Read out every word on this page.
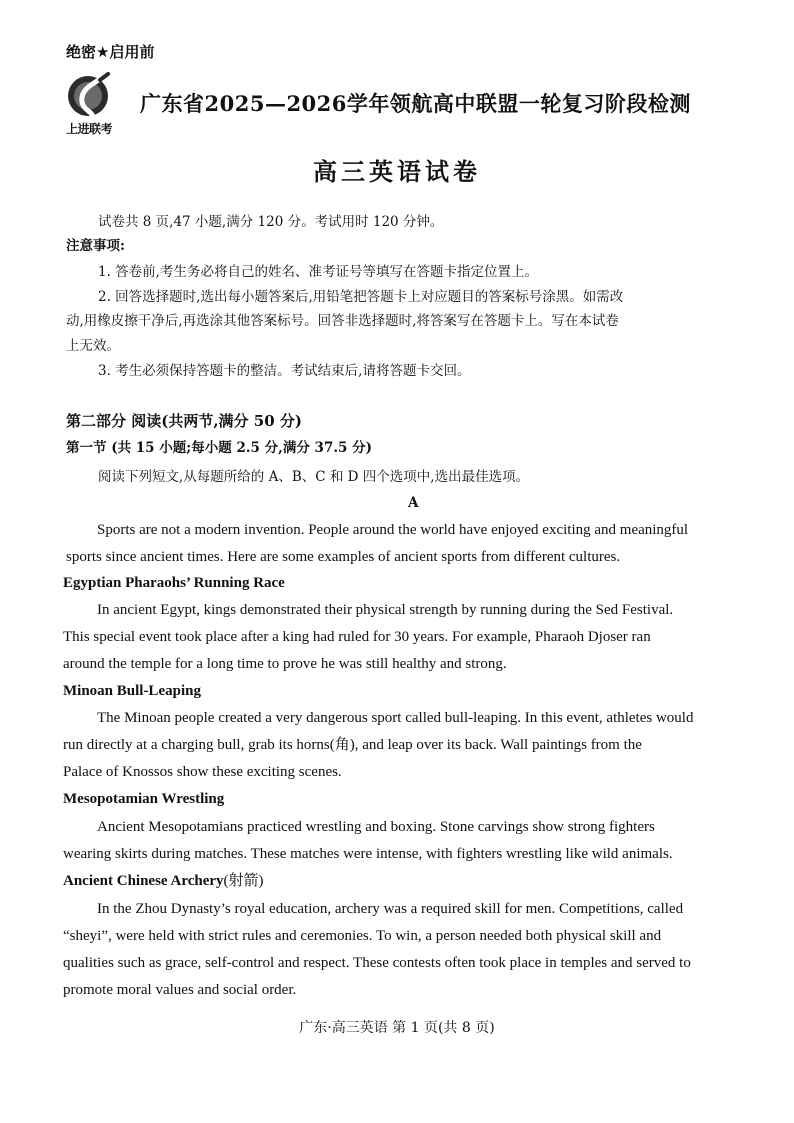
绝密★启用前
上进联考
广东省2025—2026学年领航高中联盟一轮复习阶段检测
高三英语试卷
试卷共 8 页,47 小题,满分 120 分。考试用时 120 分钟。
注意事项:
1. 答卷前,考生务必将自己的姓名、准考证号等填写在答题卡指定位置上。
2. 回答选择题时,选出每小题答案后,用铅笔把答题卡上对应题目的答案标号涂黑。如需改
动,用橡皮擦干净后,再选涂其他答案标号。回答非选择题时,将答案写在答题卡上。写在本试卷
上无效。
3. 考生必须保持答题卡的整洁。考试结束后,请将答题卡交回。
第二部分 阅读(共两节,满分 50 分)
第一节 (共 15 小题;每小题 2.5 分,满分 37.5 分)
阅读下列短文,从每题所给的 A、B、C 和 D 四个选项中,选出最佳选项。
A
Sports are not a modern invention. People around the world have enjoyed exciting and meaningful
sports since ancient times. Here are some examples of ancient sports from different cultures.
Egyptian Pharaohs’ Running Race
In ancient Egypt, kings demonstrated their physical strength by running during the Sed Festival.
This special event took place after a king had ruled for 30 years. For example, Pharaoh Djoser ran
around the temple for a long time to prove he was still healthy and strong.
Minoan Bull-Leaping
The Minoan people created a very dangerous sport called bull-leaping. In this event, athletes would
run directly at a charging bull, grab its horns(角), and leap over its back. Wall paintings from the
Palace of Knossos show these exciting scenes.
Mesopotamian Wrestling
Ancient Mesopotamians practiced wrestling and boxing. Stone carvings show strong fighters
wearing skirts during matches. These matches were intense, with fighters wrestling like wild animals.
Ancient Chinese Archery(射箭)
In the Zhou Dynasty’s royal education, archery was a required skill for men. Competitions, called
“sheyi”, were held with strict rules and ceremonies. To win, a person needed both physical skill and
qualities such as grace, self-control and respect. These contests often took place in temples and served to
promote moral values and social order.
广东·高三英语 第 1 页(共 8 页)
